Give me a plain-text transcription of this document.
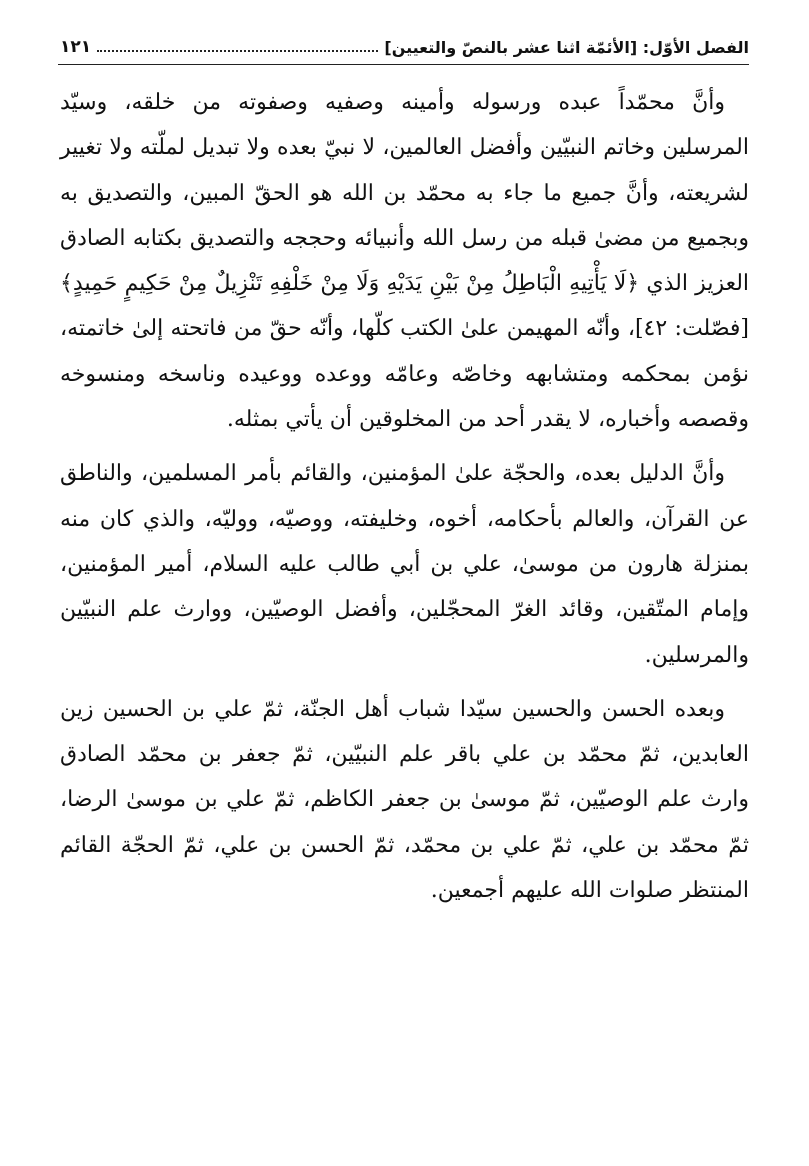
الفصل الأوّل: [الأئمّة اثنا عشر بالنصّ والتعيين]
١٢١

وأنَّ محمّداً عبده ورسوله وأمينه وصفيه وصفوته من خلقه، وسيّد المرسلين وخاتم النبيّين وأفضل العالمين، لا نبيّ بعده ولا تبديل لملّته ولا تغيير لشريعته، وأنَّ جميع ما جاء به محمّد بن الله هو الحقّ المبين، والتصديق به وبجميع من مضىٰ قبله من رسل الله وأنبيائه وحججه والتصديق بكتابه الصادق العزيز الذي ﴿لَا يَأْتِيهِ الْبَاطِلُ مِنْ بَيْنِ يَدَيْهِ وَلَا مِنْ خَلْفِهِ تَنْزِيلٌ مِنْ حَكِيمٍ حَمِيدٍ﴾ [فصّلت: ٤٢]، وأنّه المهيمن علىٰ الكتب كلّها، وأنّه حقّ من فاتحته إلىٰ خاتمته، نؤمن بمحكمه ومتشابهه وخاصّه وعامّه ووعده ووعيده وناسخه ومنسوخه وقصصه وأخباره، لا يقدر أحد من المخلوقين أن يأتي بمثله.

وأنَّ الدليل بعده، والحجّة علىٰ المؤمنين، والقائم بأمر المسلمين، والناطق عن القرآن، والعالم بأحكامه، أخوه، وخليفته، ووصيّه، ووليّه، والذي كان منه بمنزلة هارون من موسىٰ، علي بن أبي طالب عليه السلام، أمير المؤمنين، وإمام المتّقين، وقائد الغرّ المحجّلين، وأفضل الوصيّين، ووارث علم النبيّين والمرسلين.

وبعده الحسن والحسين سيّدا شباب أهل الجنّة، ثمّ علي بن الحسين زين العابدين، ثمّ محمّد بن علي باقر علم النبيّين، ثمّ جعفر بن محمّد الصادق وارث علم الوصيّين، ثمّ موسىٰ بن جعفر الكاظم، ثمّ علي بن موسىٰ الرضا، ثمّ محمّد بن علي، ثمّ علي بن محمّد، ثمّ الحسن بن علي، ثمّ الحجّة القائم المنتظر صلوات الله عليهم أجمعين.
